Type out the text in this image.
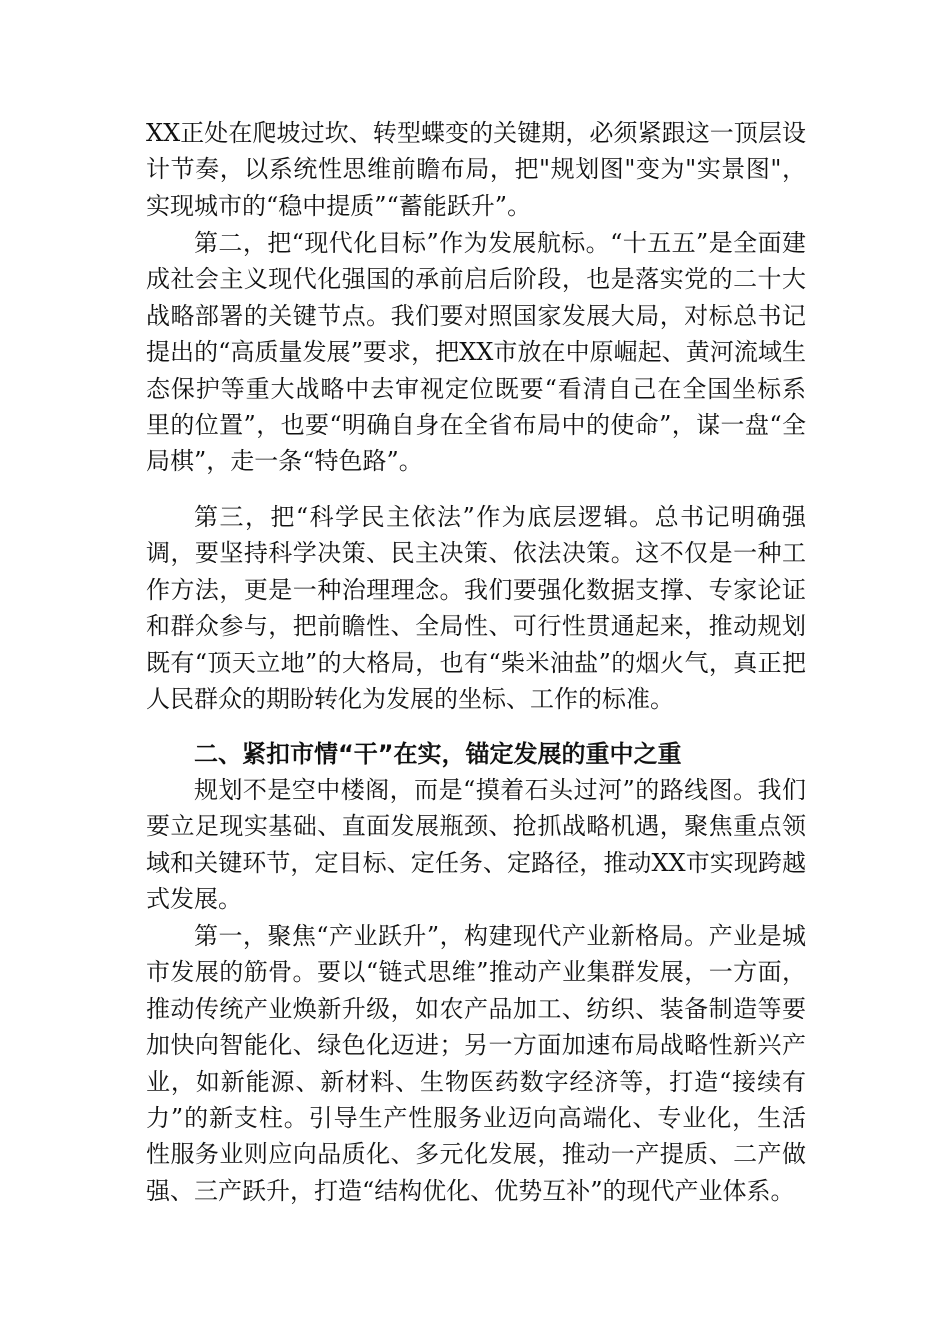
XX正处在爬坡过坎、转型蝶变的关键期，必须紧跟这一顶层设计节奏，以系统性思维前瞻布局，把"规划图"变为"实景图"，实现城市的“稳中提质”“蓄能跃升”。

第二，把“现代化目标”作为发展航标。“十五五”是全面建成社会主义现代化强国的承前启后阶段，也是落实党的二十大战略部署的关键节点。我们要对照国家发展大局，对标总书记提出的“高质量发展”要求，把XX市放在中原崛起、黄河流域生态保护等重大战略中去审视定位既要“看清自己在全国坐标系里的位置”，也要“明确自身在全省布局中的使命”，谋一盘“全局棋”，走一条“特色路”。

第三，把“科学民主依法”作为底层逻辑。总书记明确强调，要坚持科学决策、民主决策、依法决策。这不仅是一种工作方法，更是一种治理理念。我们要强化数据支撑、专家论证和群众参与，把前瞻性、全局性、可行性贯通起来，推动规划既有“顶天立地”的大格局，也有“柴米油盐”的烟火气，真正把人民群众的期盼转化为发展的坐标、工作的标准。

二、紧扣市情“干”在实，锚定发展的重中之重

规划不是空中楼阁，而是“摸着石头过河”的路线图。我们要立足现实基础、直面发展瓶颈、抢抓战略机遇，聚焦重点领域和关键环节，定目标、定任务、定路径，推动XX市实现跨越式发展。

第一，聚焦“产业跃升”，构建现代产业新格局。产业是城市发展的筋骨。要以“链式思维”推动产业集群发展，一方面，推动传统产业焕新升级，如农产品加工、纺织、装备制造等要加快向智能化、绿色化迈进；另一方面加速布局战略性新兴产业，如新能源、新材料、生物医药数字经济等，打造“接续有力”的新支柱。引导生产性服务业迈向高端化、专业化，生活性服务业则应向品质化、多元化发展，推动一产提质、二产做强、三产跃升，打造“结构优化、优势互补”的现代产业体系。
